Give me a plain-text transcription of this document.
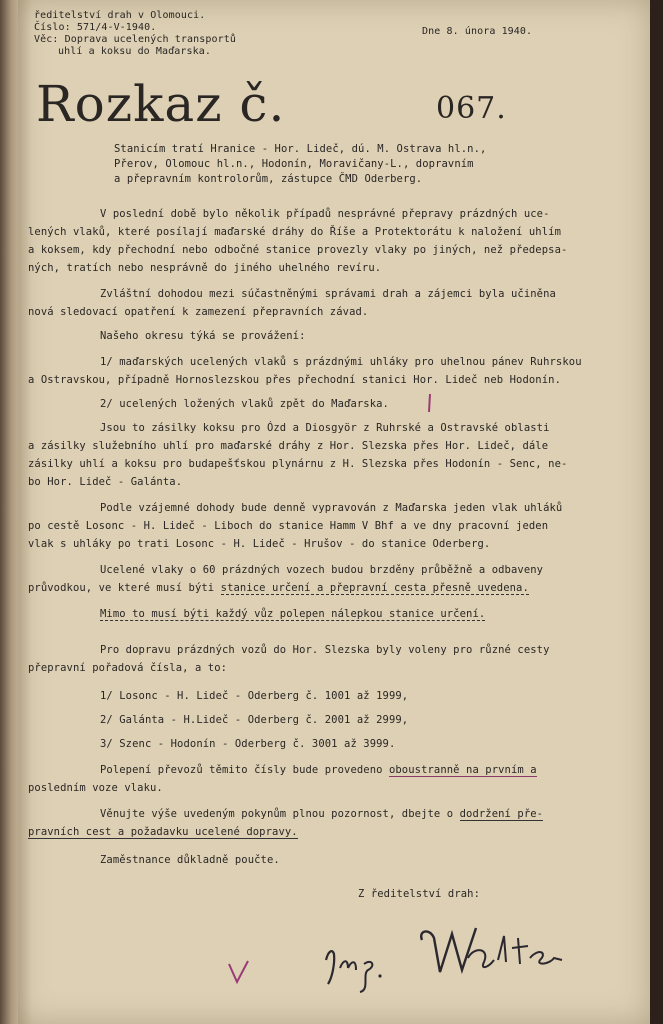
ředitelství drah v Olomouci.
Číslo: 571/4-V-1940.
Věc: Doprava ucelených transportů
uhlí a koksu do Maďarska.
Dne 8. února 1940.
Rozkaz č.	067.
Stanicím tratí Hranice - Hor. Lideč, dú. M. Ostrava hl.n.,
Přerov, Olomouc hl.n., Hodonín, Moravičany-L., dopravním
a přepravním kontrolorům, zástupce ČMD Oderberg.
V poslední době bylo několik případů nesprávné přepravy prázdných uce-
lených vlaků, které posílají maďarské dráhy do Říše a Protektorátu k naložení uhlím
a koksem, kdy přechodní nebo odbočné stanice provezly vlaky po jiných, než předepsa-
ných, tratích nebo nesprávně do jiného uhelného revíru.
Zvláštní dohodou mezi súčastněnými správami drah a zájemci byla učiněna
nová sledovací opatření k zamezení přepravních závad.
Našeho okresu týká se provážení:
1/ maďarských ucelených vlaků s prázdnými uhláky pro uhelnou pánev Ruhrskou
a Ostravskou, případně Hornoslezskou přes přechodní stanici Hor. Lideč neb Hodonín.
2/ ucelených ložených vlaků zpět do Maďarska.
Jsou to zásilky koksu pro Ózd a Diosgyör z Ruhrské a Ostravské oblasti
a zásilky služebního uhlí pro maďarské dráhy z Hor. Slezska přes Hor. Lideč, dále
zásilky uhlí a koksu pro budapešťskou plynárnu z H. Slezska přes Hodonín - Senc, ne-
bo Hor. Lideč - Galánta.
Podle vzájemné dohody bude denně vypravován z Maďarska jeden vlak uhláků
po cestě Losonc - H. Lideč - Liboch do stanice Hamm V Bhf a ve dny pracovní jeden
vlak s uhláky po trati Losonc - H. Lideč - Hrušov - do stanice Oderberg.
Ucelené vlaky o 60 prázdných vozech budou brzděny průběžně a odbaveny
průvodkou, ve které musí býti stanice určení a přepravní cesta přesně uvedena.
Mimo to musí býti každý vůz polepen nálepkou stanice určení.
Pro dopravu prázdných vozů do Hor. Slezska byly voleny pro různé cesty
přepravní pořadová čísla, a to:
1/ Losonc - H. Lideč - Oderberg č. 1001 až 1999,
2/ Galánta - H.Lideč - Oderberg č. 2001 až 2999,
3/ Szenc - Hodonín - Oderberg č. 3001 až 3999.
Polepení převozů těmito čísly bude provedeno oboustranně na prvním a
posledním voze vlaku.
Věnujte výše uvedeným pokynům plnou pozornost, dbejte o dodržení pře-
pravních cest a požadavku ucelené dopravy.
Zaměstnance důkladně poučte.
Z ředitelství drah:
